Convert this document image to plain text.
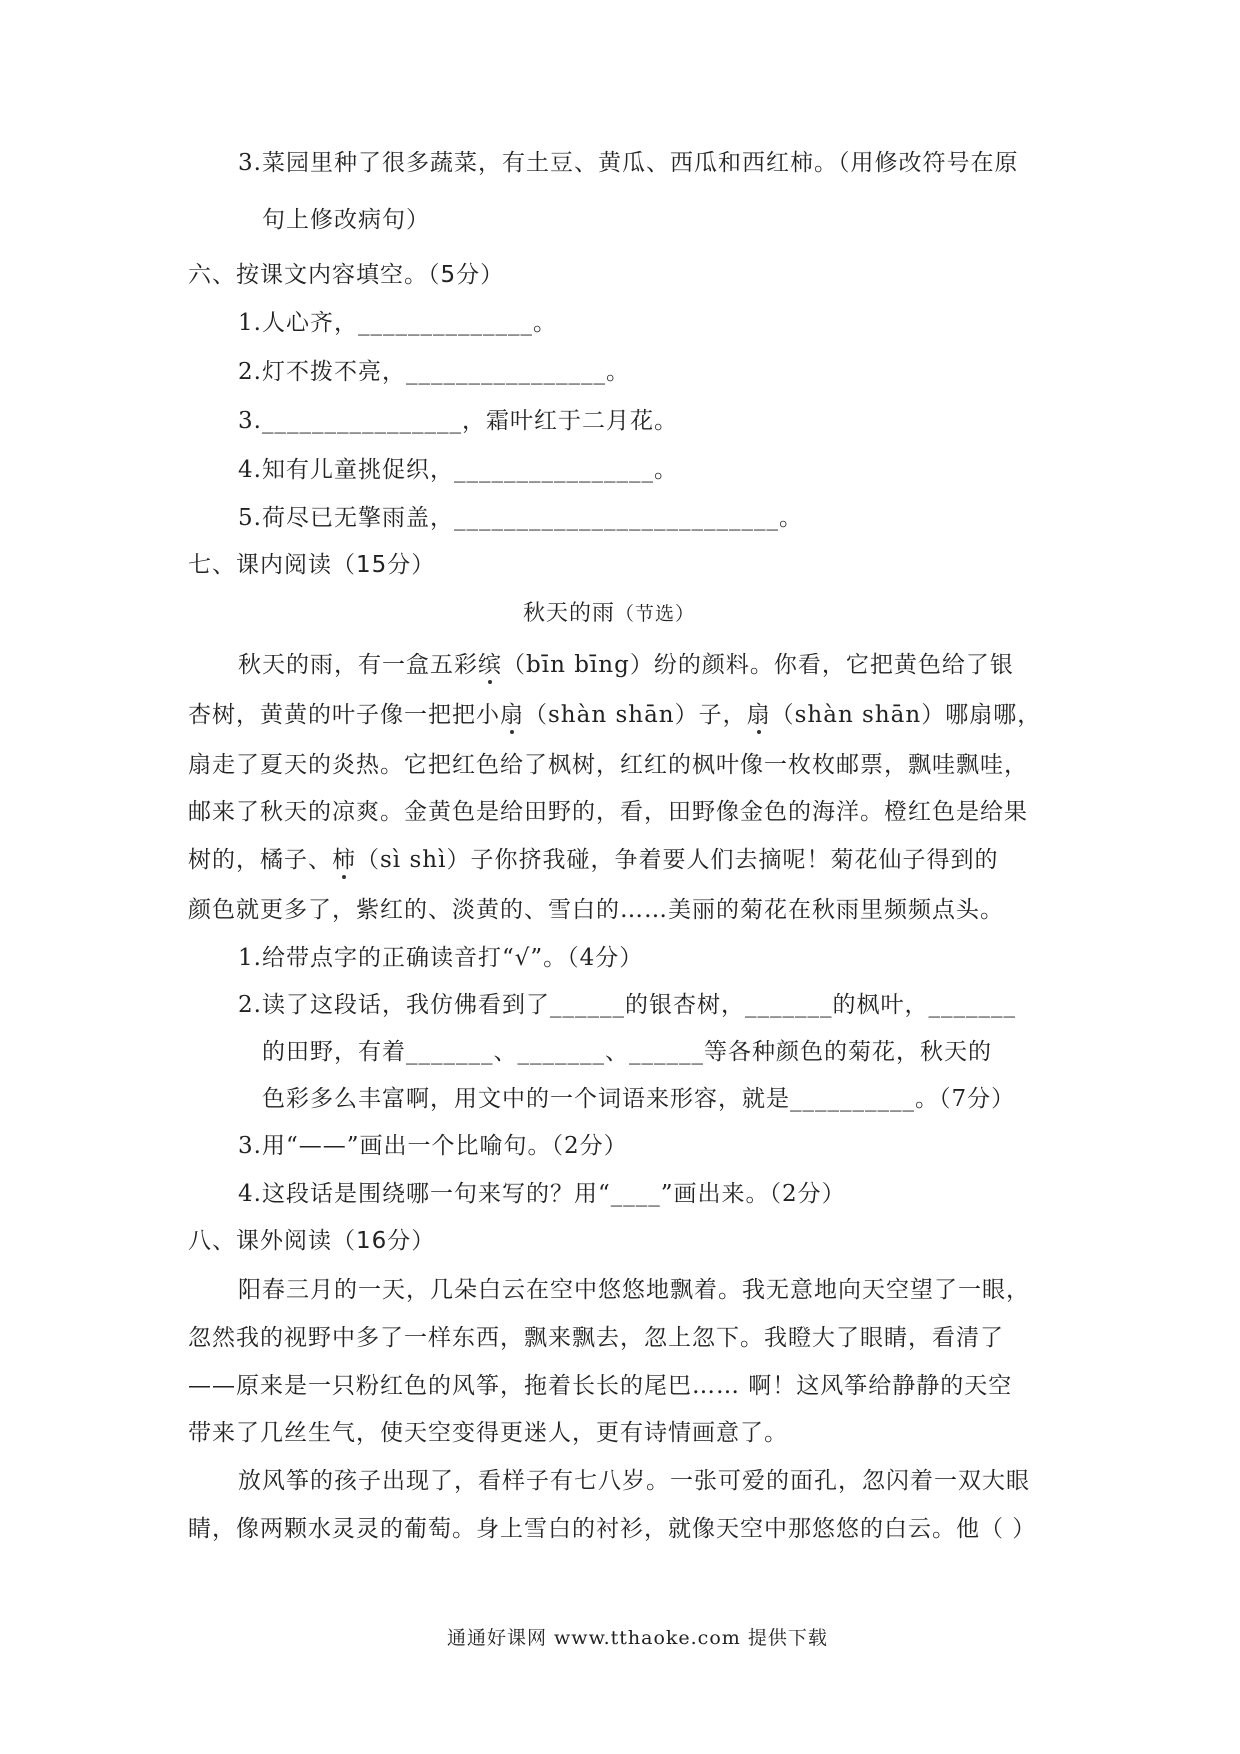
3.菜园里种了很多蔬菜，有土豆、黄瓜、西瓜和西红柿。（用修改符号在原
句上修改病句）
六、按课文内容填空。（5分）
1.人心齐，______________。
2.灯不拨不亮，________________。
3.________________，霜叶红于二月花。
4.知有儿童挑促织，________________。
5.荷尽已无擎雨盖，__________________________。
七、课内阅读（15分）
秋天的雨（节选）
秋天的雨，有一盒五彩缤（bīn bīng）纷的颜料。你看，它把黄色给了银
杏树，黄黄的叶子像一把把小扇（shàn shān）子，扇（shàn shān）哪扇哪，
扇走了夏天的炎热。它把红色给了枫树，红红的枫叶像一枚枚邮票，飘哇飘哇，
邮来了秋天的凉爽。金黄色是给田野的，看，田野像金色的海洋。橙红色是给果
树的，橘子、柿（sì shì）子你挤我碰，争着要人们去摘呢！菊花仙子得到的
颜色就更多了，紫红的、淡黄的、雪白的……美丽的菊花在秋雨里频频点头。
1.给带点字的正确读音打“√”。（4分）
2.读了这段话，我仿佛看到了______的银杏树，_______的枫叶，_______
的田野，有着_______、_______、______等各种颜色的菊花，秋天的
色彩多么丰富啊，用文中的一个词语来形容，就是__________。（7分）
3.用“——”画出一个比喻句。（2分）
4.这段话是围绕哪一句来写的？用“____”画出来。（2分）
八、课外阅读（16分）
阳春三月的一天，几朵白云在空中悠悠地飘着。我无意地向天空望了一眼，
忽然我的视野中多了一样东西，飘来飘去，忽上忽下。我瞪大了眼睛，看清了
——原来是一只粉红色的风筝，拖着长长的尾巴…… 啊！这风筝给静静的天空
带来了几丝生气，使天空变得更迷人，更有诗情画意了。
放风筝的孩子出现了，看样子有七八岁。一张可爱的面孔，忽闪着一双大眼
睛，像两颗水灵灵的葡萄。身上雪白的衬衫，就像天空中那悠悠的白云。他（ ）
通通好课网 www.tthaoke.com 提供下载
